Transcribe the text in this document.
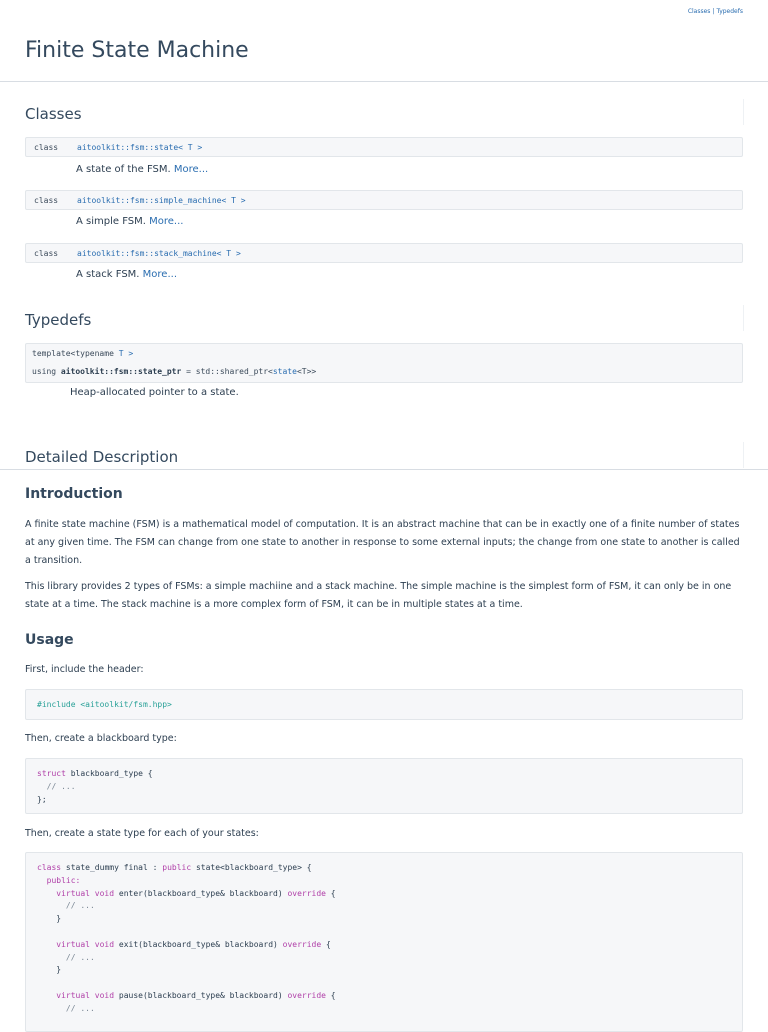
Classes | Typedefs
Finite State Machine
Classes
class aitoolkit::fsm::state< T >
A state of the FSM. More...
class aitoolkit::fsm::simple_machine< T >
A simple FSM. More...
class aitoolkit::fsm::stack_machine< T >
A stack FSM. More...
Typedefs
template<typename T >
using aitoolkit::fsm::state_ptr = std::shared_ptr<state<T>>
Heap-allocated pointer to a state.
Detailed Description
Introduction

A finite state machine (FSM) is a mathematical model of computation. It is an abstract machine that can be in exactly one of a finite number of states at any given time. The FSM can change from one state to another in response to some external inputs; the change from one state to another is called a transition.

This library provides 2 types of FSMs: a simple machiine and a stack machine. The simple machine is the simplest form of FSM, it can only be in one state at a time. The stack machine is a more complex form of FSM, it can be in multiple states at a time.

Usage

First, include the header:

#include <aitoolkit/fsm.hpp>

Then, create a blackboard type:

struct blackboard_type {
// ...
};

Then, create a state type for each of your states:

class state_dummy final : public state<blackboard_type> {
public:
virtual void enter(blackboard_type& blackboard) override {
// ...
}

virtual void exit(blackboard_type& blackboard) override {
// ...
}

virtual void pause(blackboard_type& blackboard) override {
// ...
